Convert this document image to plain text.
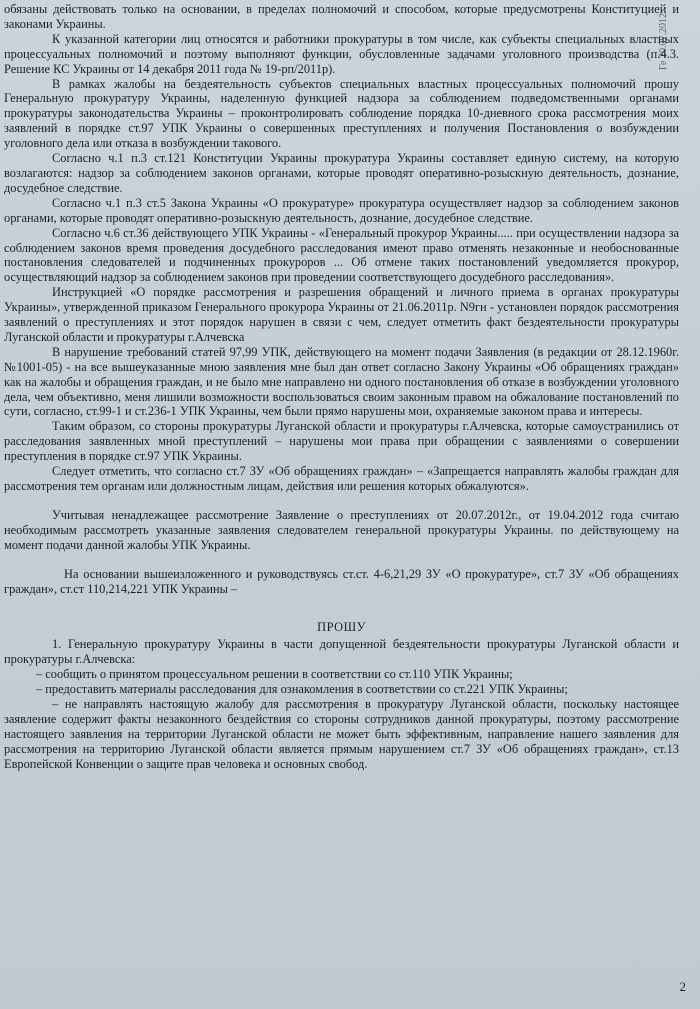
Ге 20.07.2012

обязаны действовать только на основании, в пределах полномочий и способом, которые предусмотрены Конституцией и законами Украины.

К указанной категории лиц относятся и работники прокуратуры в том числе, как субъекты специальных властных процессуальных полномочий и поэтому выполняют функции, обусловленные задачами уголовного производства (п.4.3. Решение КС Украины от 14 декабря 2011 года № 19-рп/2011р).

В рамках жалобы на бездеятельность субъектов специальных властных процессуальных полномочий прошу Генеральную прокуратуру Украины, наделенную функцией надзора за соблюдением подведомственными органами прокуратуры законодательства Украины – проконтролировать соблюдение порядка 10-дневного срока рассмотрения моих заявлений в порядке ст.97 УПК Украины о совершенных преступлениях и получения Постановления о возбуждении уголовного дела или отказа в возбуждении такового.

Согласно ч.1 п.3 ст.121 Конституции Украины прокуратура Украины составляет единую систему, на которую возлагаются: надзор за соблюдением законов органами, которые проводят оперативно-розыскную деятельность, дознание, досудебное следствие.

Согласно ч.1 п.3 ст.5 Закона Украины «О прокуратуре» прокуратура осуществляет надзор за соблюдением законов органами, которые проводят оперативно-розыскную деятельность, дознание, досудебное следствие.

Согласно ч.6 ст.36 действующего УПК Украины - «Генеральный прокурор Украины..... при осуществлении надзора за соблюдением законов время проведения досудебного расследования имеют право отменять незаконные и необоснованные постановления следователей и подчиненных прокуроров ... Об отмене таких постановлений уведомляется прокурор, осуществляющий надзор за соблюдением законов при проведении соответствующего досудебного расследования».

Инструкцией «О порядке рассмотрения и разрешения обращений и личного приема в органах прокуратуры Украины», утвержденной приказом Генерального прокурора Украины от 21.06.2011р. N9гн - установлен порядок рассмотрения заявлений о преступлениях и этот порядок нарушен в связи с чем, следует отметить факт бездеятельности прокуратуры Луганской области и прокуратуры г.Алчевска

В нарушение требований статей 97,99 УПК, действующего на момент подачи Заявления (в редакции от 28.12.1960г. №1001-05) - на все вышеуказанные мною заявления мне был дан ответ согласно Закону Украины «Об обращениях граждан» как на жалобы и обращения граждан, и не было мне направлено ни одного постановления об отказе в возбуждении уголовного дела, чем объективно, меня лишили возможности воспользоваться своим законным правом на обжалование постановлений по сути, согласно, ст.99-1 и ст.236-1 УПК Украины, чем были прямо нарушены мои, охраняемые законом права и интересы.

Таким образом, со стороны прокуратуры Луганской области и прокуратуры г.Алчевска, которые самоустранились от расследования заявленных мной преступлений – нарушены мои права при обращении с заявлениями о совершении преступления в порядке ст.97 УПК Украины.

Следует отметить, что согласно ст.7 ЗУ «Об обращениях граждан» – «Запрещается направлять жалобы граждан для рассмотрения тем органам или должностным лицам, действия или решения которых обжалуются».

Учитывая ненадлежащее рассмотрение Заявление о преступлениях от 20.07.2012г., от 19.04.2012 года считаю необходимым рассмотреть указанные заявления следователем генеральной прокуратуры Украины. по действующему на момент подачи данной жалобы УПК Украины.

На основании вышеизложенного и руководствуясь ст.ст. 4-6,21,29 ЗУ «О прокуратуре», ст.7 ЗУ «Об обращениях граждан», ст.ст 110,214,221 УПК Украины –

ПРОШУ

1. Генеральную прокуратуру Украины в части допущенной бездеятельности прокуратуры Луганской области и прокуратуры г.Алчевска:

– сообщить о принятом процессуальном решении в соответствии со ст.110 УПК Украины;

– предоставить материалы расследования для ознакомления в соответствии со ст.221 УПК Украины;

– не направлять настоящую жалобу для рассмотрения в прокуратуру Луганской области, поскольку настоящее заявление содержит факты незаконного бездействия со стороны сотрудников данной прокуратуры, поэтому рассмотрение настоящего заявления на территории Луганской области не может быть эффективным, направление нашего заявления для рассмотрения на территорию Луганской области является прямым нарушением ст.7 ЗУ «Об обращениях граждан», ст.13 Европейской Конвенции о защите прав человека и основных свобод.

2
